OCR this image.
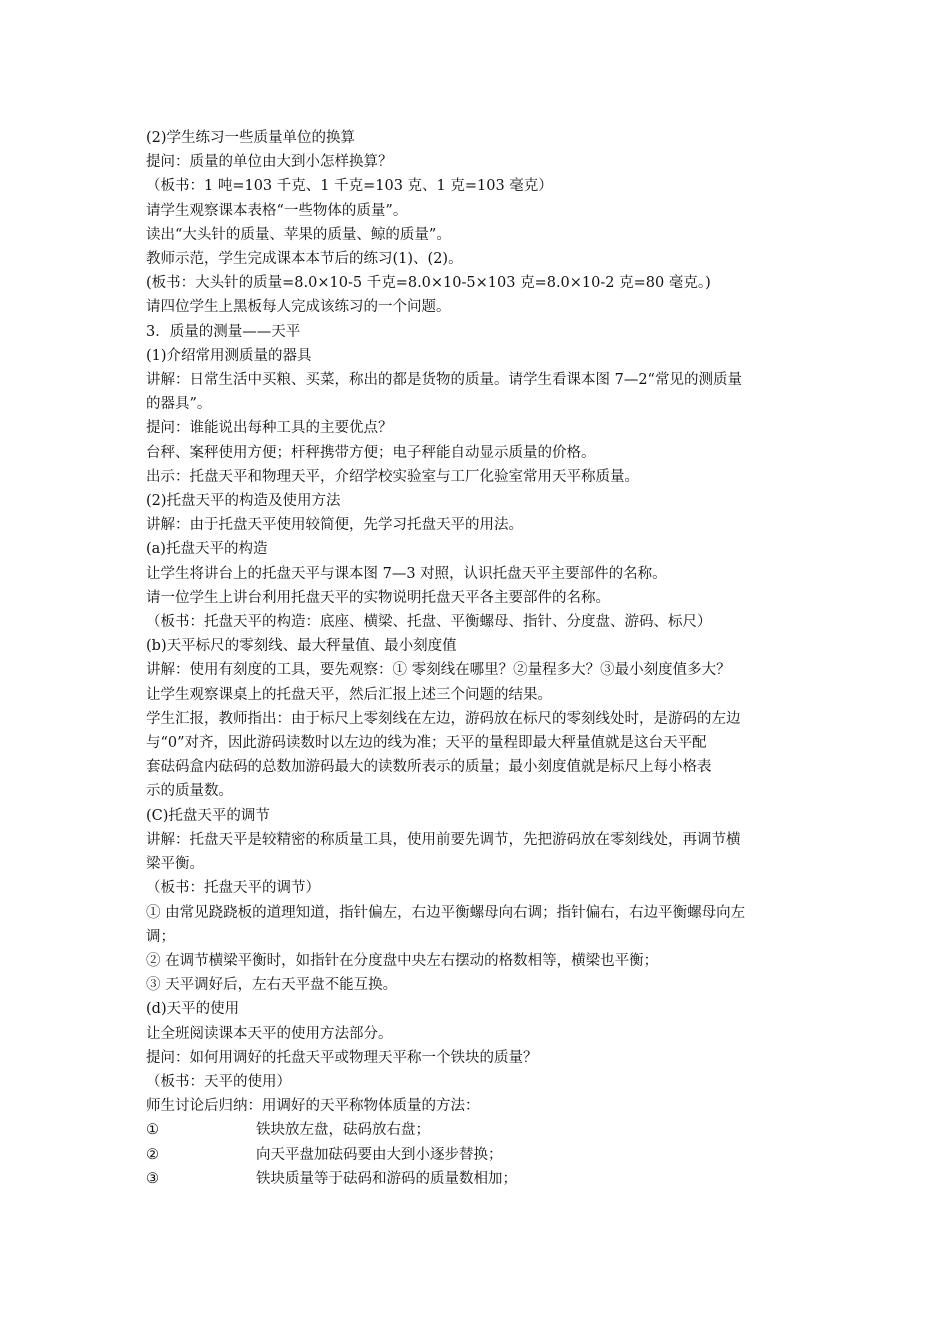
(2)学生练习一些质量单位的换算
提问：质量的单位由大到小怎样换算？
（板书：1 吨=103 千克、1 千克=103 克、1 克=103 毫克）
请学生观察课本表格“一些物体的质量”。
读出“大头针的质量、苹果的质量、鲸的质量”。
教师示范，学生完成课本本节后的练习(1)、(2)。
(板书：大头针的质量=8.0×10-5 千克=8.0×10-5×103 克=8.0×10-2 克=80 毫克。)
请四位学生上黑板每人完成该练习的一个问题。
3．质量的测量——天平
(1)介绍常用测质量的器具
讲解：日常生活中买粮、买菜，称出的都是货物的质量。请学生看课本图 7—2“常见的测质量
的器具”。
提问：谁能说出每种工具的主要优点？
台秤、案秤使用方便；杆秤携带方便；电子秤能自动显示质量的价格。
出示：托盘天平和物理天平，介绍学校实验室与工厂化验室常用天平称质量。
(2)托盘天平的构造及使用方法
讲解：由于托盘天平使用较简便，先学习托盘天平的用法。
(a)托盘天平的构造
让学生将讲台上的托盘天平与课本图 7—3 对照，认识托盘天平主要部件的名称。
请一位学生上讲台利用托盘天平的实物说明托盘天平各主要部件的名称。
（板书：托盘天平的构造：底座、横梁、托盘、平衡螺母、指针、分度盘、游码、标尺）
(b)天平标尺的零刻线、最大秤量值、最小刻度值
讲解：使用有刻度的工具，要先观察：① 零刻线在哪里？②量程多大？③最小刻度值多大？
让学生观察课桌上的托盘天平，然后汇报上述三个问题的结果。
学生汇报，教师指出：由于标尺上零刻线在左边，游码放在标尺的零刻线处时，是游码的左边
与“0”对齐，因此游码读数时以左边的线为准；天平的量程即最大秤量值就是这台天平配
套砝码盒内砝码的总数加游码最大的读数所表示的质量；最小刻度值就是标尺上每小格表
示的质量数。
(C)托盘天平的调节
讲解：托盘天平是较精密的称质量工具，使用前要先调节，先把游码放在零刻线处，再调节横
梁平衡。
（板书：托盘天平的调节）
① 由常见跷跷板的道理知道，指针偏左，右边平衡螺母向右调；指针偏右，右边平衡螺母向左
调；
② 在调节横梁平衡时，如指针在分度盘中央左右摆动的格数相等，横梁也平衡；
③ 天平调好后，左右天平盘不能互换。
(d)天平的使用
让全班阅读课本天平的使用方法部分。
提问：如何用调好的托盘天平或物理天平称一个铁块的质量？
（板书：天平的使用）
师生讨论后归纳：用调好的天平称物体质量的方法：
①	铁块放左盘，砝码放右盘；
②	向天平盘加砝码要由大到小逐步替换；
③	铁块质量等于砝码和游码的质量数相加；
